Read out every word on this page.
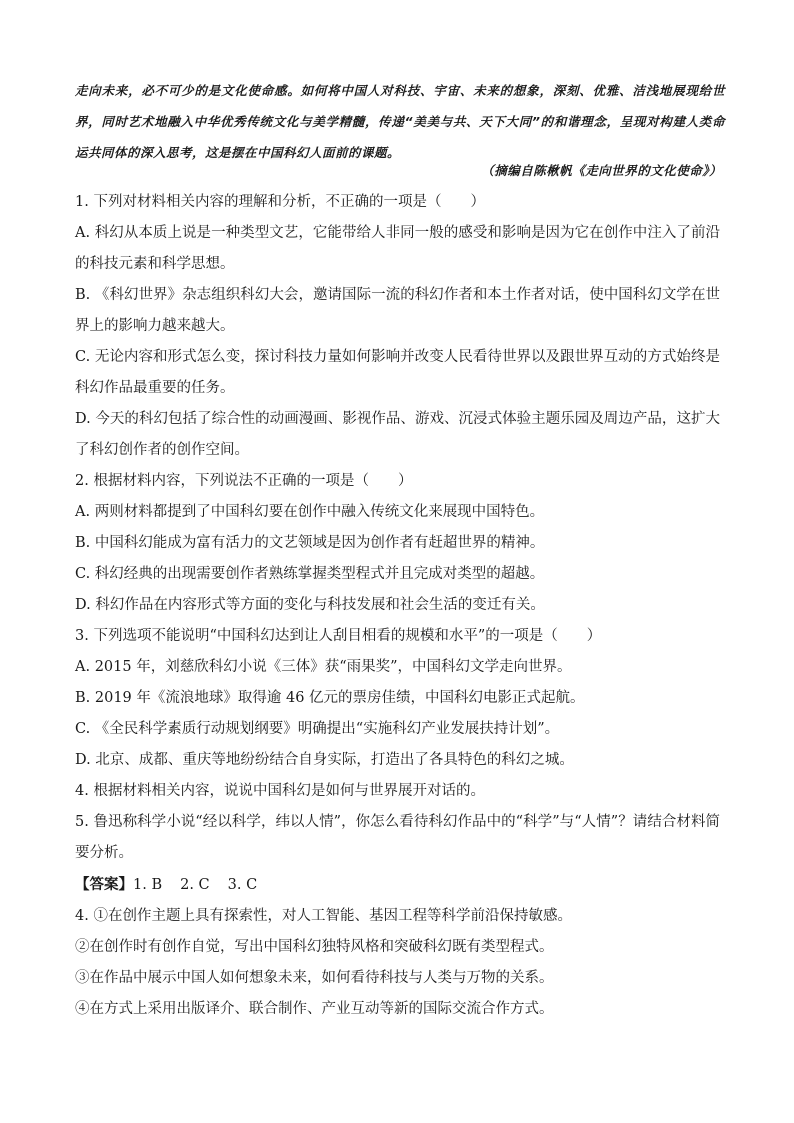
走向未来，必不可少的是文化使命感。如何将中国人对科技、宇宙、未来的想象，深刻、优雅、洁浅地展现给世界，同时艺术地融入中华优秀传统文化与美学精髓，传递“美美与共、天下大同”的和谐理念，呈现对构建人类命运共同体的深入思考，这是摆在中国科幻人面前的课题。

（摘编自陈楸帆《走向世界的文化使命》）

1. 下列对材料相关内容的理解和分析，不正确的一项是（　　）

A. 科幻从本质上说是一种类型文艺，它能带给人非同一般的感受和影响是因为它在创作中注入了前沿的科技元素和科学思想。

B. 《科幻世界》杂志组织科幻大会，邀请国际一流的科幻作者和本土作者对话，使中国科幻文学在世界上的影响力越来越大。

C. 无论内容和形式怎么变，探讨科技力量如何影响并改变人民看待世界以及跟世界互动的方式始终是科幻作品最重要的任务。

D. 今天的科幻包括了综合性的动画漫画、影视作品、游戏、沉浸式体验主题乐园及周边产品，这扩大了科幻创作者的创作空间。

2. 根据材料内容，下列说法不正确的一项是（　　）

A. 两则材料都提到了中国科幻要在创作中融入传统文化来展现中国特色。

B. 中国科幻能成为富有活力的文艺领域是因为创作者有赶超世界的精神。

C. 科幻经典的出现需要创作者熟练掌握类型程式并且完成对类型的超越。

D. 科幻作品在内容形式等方面的变化与科技发展和社会生活的变迁有关。

3. 下列选项不能说明“中国科幻达到让人刮目相看的规模和水平”的一项是（　　）

A. 2015 年，刘慈欣科幻小说《三体》获“雨果奖”，中国科幻文学走向世界。

B. 2019 年《流浪地球》取得逾 46 亿元的票房佳绩，中国科幻电影正式起航。

C. 《全民科学素质行动规划纲要》明确提出“实施科幻产业发展扶持计划”。

D. 北京、成都、重庆等地纷纷结合自身实际，打造出了各具特色的科幻之城。

4. 根据材料相关内容，说说中国科幻是如何与世界展开对话的。

5. 鲁迅称科学小说“经以科学，纬以人情”，你怎么看待科幻作品中的“科学”与“人情”？请结合材料简要分析。

【答案】1. B 2. C 3. C

4. ①在创作主题上具有探索性，对人工智能、基因工程等科学前沿保持敏感。

②在创作时有创作自觉，写出中国科幻独特风格和突破科幻既有类型程式。

③在作品中展示中国人如何想象未来，如何看待科技与人类与万物的关系。

④在方式上采用出版译介、联合制作、产业互动等新的国际交流合作方式。
